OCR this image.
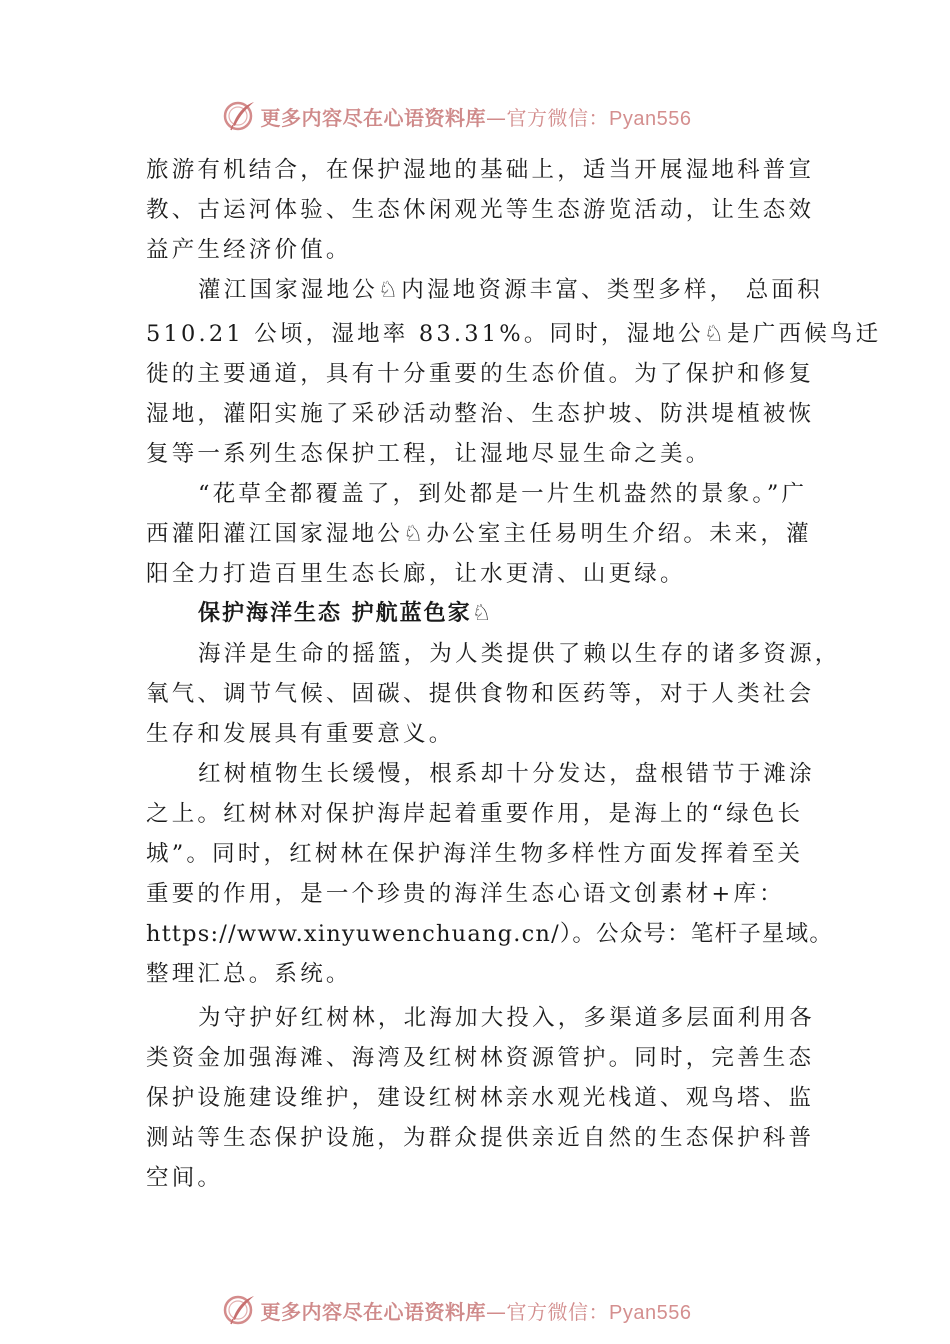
更多内容尽在心语资料库—官方微信：Pyan556
旅游有机结合，在保护湿地的基础上，适当开展湿地科普宣
教、古运河体验、生态休闲观光等生态游览活动，让生态效
益产生经济价值。
灌江国家湿地公♘内湿地资源丰富、类型多样， 总面积
510.21 公顷，湿地率 83.31%。同时，湿地公♘是广西候鸟迁
徙的主要通道，具有十分重要的生态价值。为了保护和修复
湿地，灌阳实施了采砂活动整治、生态护坡、防洪堤植被恢
复等一系列生态保护工程，让湿地尽显生命之美。
“花草全都覆盖了，到处都是一片生机盎然的景象。”广
西灌阳灌江国家湿地公♘办公室主任易明生介绍。未来，灌
阳全力打造百里生态长廊，让水更清、山更绿。
保护海洋生态 护航蓝色家♘
海洋是生命的摇篮，为人类提供了赖以生存的诸多资源，
氧气、调节气候、固碳、提供食物和医药等，对于人类社会
生存和发展具有重要意义。
红树植物生长缓慢，根系却十分发达，盘根错节于滩涂
之上。红树林对保护海岸起着重要作用，是海上的“绿色长
城”。同时，红树林在保护海洋生物多样性方面发挥着至关
重要的作用，是一个珍贵的海洋生态心语文创素材+库：
https://www.xinyuwenchuang.cn/）。公众号：笔杆子星域。
整理汇总。系统。
为守护好红树林，北海加大投入，多渠道多层面利用各
类资金加强海滩、海湾及红树林资源管护。同时，完善生态
保护设施建设维护，建设红树林亲水观光栈道、观鸟塔、监
测站等生态保护设施，为群众提供亲近自然的生态保护科普
空间。
更多内容尽在心语资料库—官方微信：Pyan556
